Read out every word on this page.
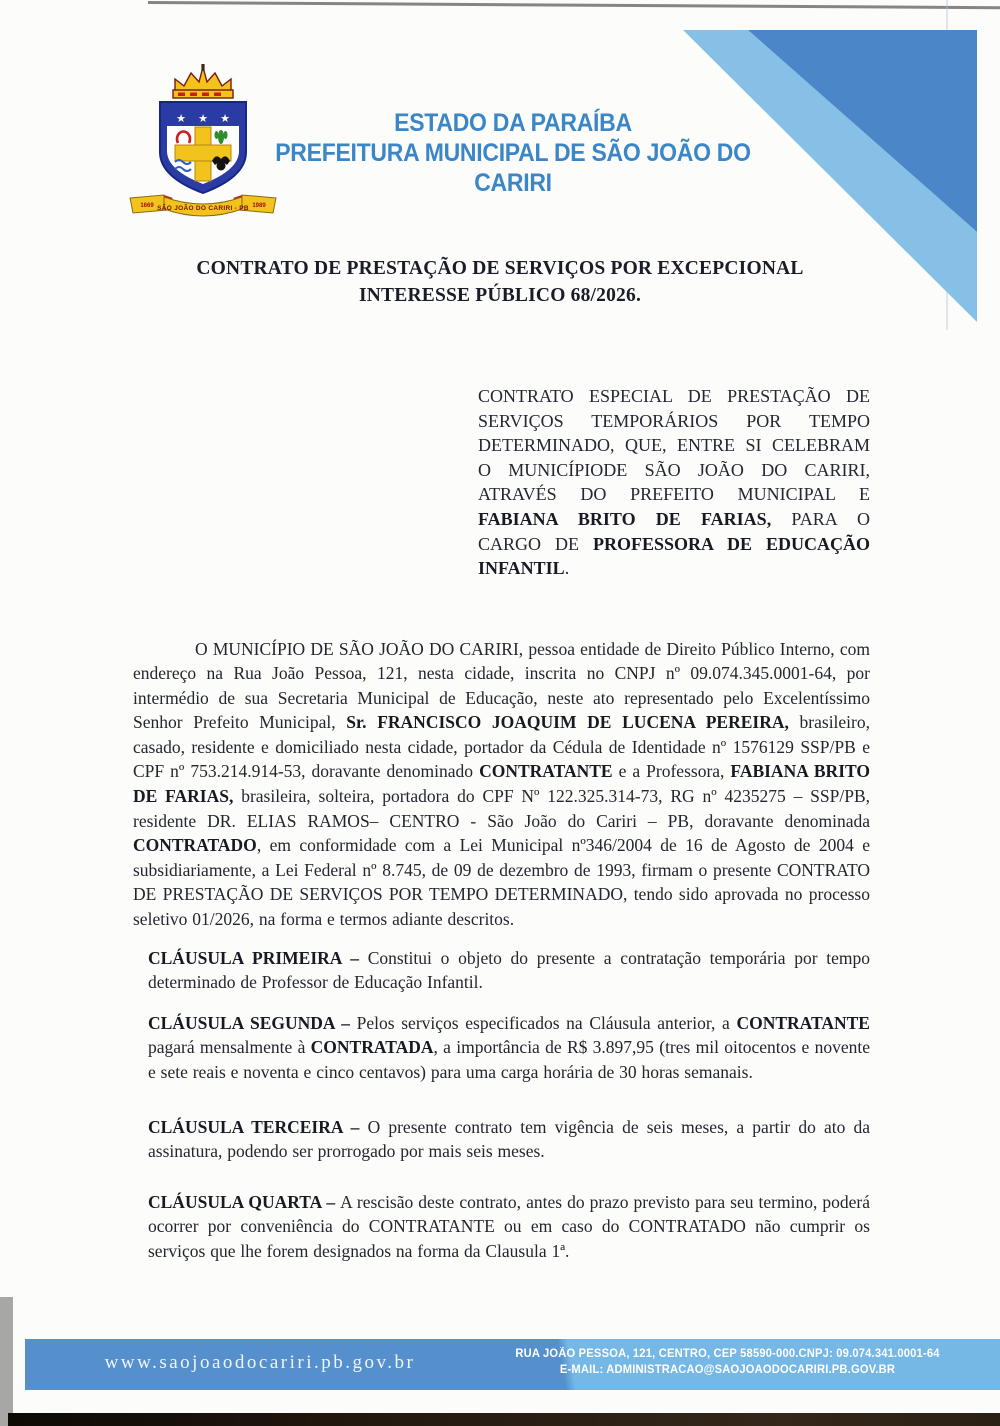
★ ★ ★
SÃO JOÃO DO CARIRI - PB
1669	1989
ESTADO DA PARAÍBA
PREFEITURA MUNICIPAL DE SÃO JOÃO DO CARIRI
CONTRATO DE PRESTAÇÃO DE SERVIÇOS POR EXCEPCIONAL
INTERESSE PÚBLICO 68/2026.

CONTRATO ESPECIAL DE PRESTAÇÃO DE SERVIÇOS TEMPORÁRIOS POR TEMPO DETERMINADO, QUE, ENTRE SI CELEBRAM O MUNICÍPIODE SÃO JOÃO DO CARIRI, ATRAVÉS DO PREFEITO MUNICIPAL E FABIANA BRITO DE FARIAS, PARA O CARGO DE PROFESSORA DE EDUCAÇÃO INFANTIL.

O MUNICÍPIO DE SÃO JOÃO DO CARIRI, pessoa entidade de Direito Público Interno, com endereço na Rua João Pessoa, 121, nesta cidade, inscrita no CNPJ nº 09.074.345.0001-64, por intermédio de sua Secretaria Municipal de Educação, neste ato representado pelo Excelentíssimo Senhor Prefeito Municipal, Sr. FRANCISCO JOAQUIM DE LUCENA PEREIRA, brasileiro, casado, residente e domiciliado nesta cidade, portador da Cédula de Identidade nº 1576129 SSP/PB e CPF nº 753.214.914-53, doravante denominado CONTRATANTE e a Professora, FABIANA BRITO DE FARIAS, brasileira, solteira, portadora do CPF Nº 122.325.314-73, RG nº 4235275 – SSP/PB, residente DR. ELIAS RAMOS– CENTRO - São João do Cariri – PB, doravante denominada CONTRATADO, em conformidade com a Lei Municipal nº346/2004 de 16 de Agosto de 2004 e subsidiariamente, a Lei Federal nº 8.745, de 09 de dezembro de 1993, firmam o presente CONTRATO DE PRESTAÇÃO DE SERVIÇOS POR TEMPO DETERMINADO, tendo sido aprovada no processo seletivo 01/2026, na forma e termos adiante descritos.

CLÁUSULA PRIMEIRA – Constitui o objeto do presente a contratação temporária por tempo determinado de Professor de Educação Infantil.

CLÁUSULA SEGUNDA – Pelos serviços especificados na Cláusula anterior, a CONTRATANTE pagará mensalmente à CONTRATADA, a importância de R$ 3.897,95 (tres mil oitocentos e novente e sete reais e noventa e cinco centavos) para uma carga horária de 30 horas semanais.

CLÁUSULA TERCEIRA – O presente contrato tem vigência de seis meses, a partir do ato da assinatura, podendo ser prorrogado por mais seis meses.

CLÁUSULA QUARTA – A rescisão deste contrato, antes do prazo previsto para seu termino, poderá ocorrer por conveniência do CONTRATANTE ou em caso do CONTRATADO não cumprir os serviços que lhe forem designados na forma da Clausula 1ª.

www.saojoaodocariri.pb.gov.br	RUA JOÃO PESSOA, 121, CENTRO, CEP 58590-000.CNPJ: 09.074.341.0001-64
E-MAIL: ADMINISTRACAO@SAOJOAODOCARIRI.PB.GOV.BR
